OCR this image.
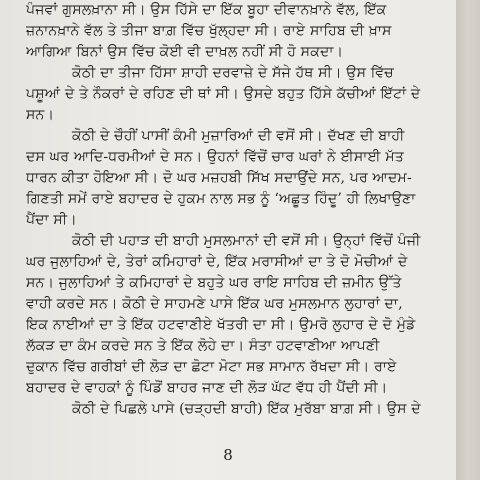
ਪੰਜਵਾਂ ਗੁਸਲਖ਼ਾਨਾ ਸੀ। ਉਸ ਹਿੱਸੇ ਦਾ ਇੱਕ ਬੂਹਾ ਦੀਵਾਨਖ਼ਾਨੇ ਵੱਲ, ਇੱਕ
ਜ਼ਨਾਨਖ਼ਾਨੇ ਵੱਲ ਤੇ ਤੀਜਾ ਬਾਗ਼ ਵਿੱਚ ਖੁੱਲ੍ਹਦਾ ਸੀ। ਰਾਏ ਸਾਹਿਬ ਦੀ ਖ਼ਾਸ
ਆਗਿਆ ਬਿਨਾਂ ਉਸ ਵਿੱਚ ਕੋਈ ਵੀ ਦਾਖ਼ਲ ਨਹੀਂ ਸੀ ਹੋ ਸਕਦਾ।
ਕੋਠੀ ਦਾ ਤੀਜਾ ਹਿੱਸਾ ਸ਼ਾਹੀ ਦਰਵਾਜ਼ੇ ਦੇ ਸੱਜੇ ਹੱਥ ਸੀ। ਉਸ ਵਿੱਚ
ਪਸ਼ੂਆਂ ਦੇ ਤੇ ਨੌਕਰਾਂ ਦੇ ਰਹਿਣ ਦੀ ਥਾਂ ਸੀ। ਉਸਦੇ ਬਹੁਤ ਹਿੱਸੇ ਕੱਚੀਆਂ ਇੱਟਾਂ ਦੇ
ਸਨ।
ਕੋਠੀ ਦੇ ਚੌਹੀਂ ਪਾਸੀਂ ਕੰਮੀ ਮੁਜ਼ਾਰਿਆਂ ਦੀ ਵਸੋਂ ਸੀ। ਦੱਖਣ ਦੀ ਬਾਹੀ
ਦਸ ਘਰ ਆਦਿ-ਧਰਮੀਆਂ ਦੇ ਸਨ। ਉਹਨਾਂ ਵਿੱਚੋਂ ਚਾਰ ਘਰਾਂ ਨੇ ਈਸਾਈ ਮੱਤ
ਧਾਰਨ ਕੀਤਾ ਹੋਇਆ ਸੀ। ਦੋ ਘਰ ਮਜ਼ਹਬੀ ਸਿੱਖ ਸਦਾਉਂਦੇ ਸਨ, ਪਰ ਆਦਮ-
ਗਿਣਤੀ ਸਮੇਂ ਰਾਏ ਬਹਾਦਰ ਦੇ ਹੁਕਮ ਨਾਲ ਸਭ ਨੂੰ ‘ਅਛੂਤ ਹਿੰਦੂ’ ਹੀ ਲਿਖਾਉਣਾ
ਪੈਂਦਾ ਸੀ।
ਕੋਠੀ ਦੀ ਪਹਾੜ ਦੀ ਬਾਹੀ ਮੁਸਲਮਾਨਾਂ ਦੀ ਵਸੋਂ ਸੀ। ਉਨ੍ਹਾਂ ਵਿੱਚੋਂ ਪੰਜੀ
ਘਰ ਜੁਲਾਹਿਆਂ ਦੇ, ਤੇਰਾਂ ਕਮਿਹਾਰਾਂ ਦੇ, ਇੱਕ ਮਰਾਸੀਆਂ ਦਾ ਤੇ ਦੋ ਮੋਚੀਆਂ ਦੇ
ਸਨ। ਜੁਲਾਹਿਆਂ ਤੇ ਕਮਿਹਾਰਾਂ ਦੇ ਬਹੁਤੇ ਘਰ ਰਾਇ ਸਾਹਿਬ ਦੀ ਜ਼ਮੀਨ ਉੱਤੇ
ਵਾਹੀ ਕਰਦੇ ਸਨ। ਕੋਠੀ ਦੇ ਸਾਹਮਣੇ ਪਾਸੇ ਇੱਕ ਘਰ ਮੁਸਲਮਾਨ ਲੁਹਾਰਾਂ ਦਾ,
ਇਕ ਨਾਈਆਂ ਦਾ ਤੇ ਇੱਕ ਹਟਵਾਣੀਏ ਖੱਤਰੀ ਦਾ ਸੀ। ਉਮਰੋ ਲੁਹਾਰ ਦੇ ਦੋ ਮੁੰਡੇ
ਲੱਕੜ ਦਾ ਕੰਮ ਕਰਦੇ ਸਨ ਤੇ ਇੱਕ ਲੋਹੇ ਦਾ। ਸੰਤਾ ਹਟਵਾਣੀਆ ਆਪਣੀ
ਦੁਕਾਨ ਵਿੱਚ ਗਰੀਬਾਂ ਦੀ ਲੋੜ ਦਾ ਛੋਟਾ ਮੋਟਾ ਸਭ ਸਾਮਾਨ ਰੱਖਦਾ ਸੀ। ਰਾਏ
ਬਹਾਦਰ ਦੇ ਵਾਹਕਾਂ ਨੂੰ ਪਿੰਡੋਂ ਬਾਹਰ ਜਾਣ ਦੀ ਲੋੜ ਘੱਟ ਵੱਧ ਹੀ ਪੈਂਦੀ ਸੀ।
ਕੋਠੀ ਦੇ ਪਿਛਲੇ ਪਾਸੇ (ਚੜ੍ਹਦੀ ਬਾਹੀ) ਇੱਕ ਮੁਰੱਬਾ ਬਾਗ਼ ਸੀ। ਉਸ ਦੇ
8
